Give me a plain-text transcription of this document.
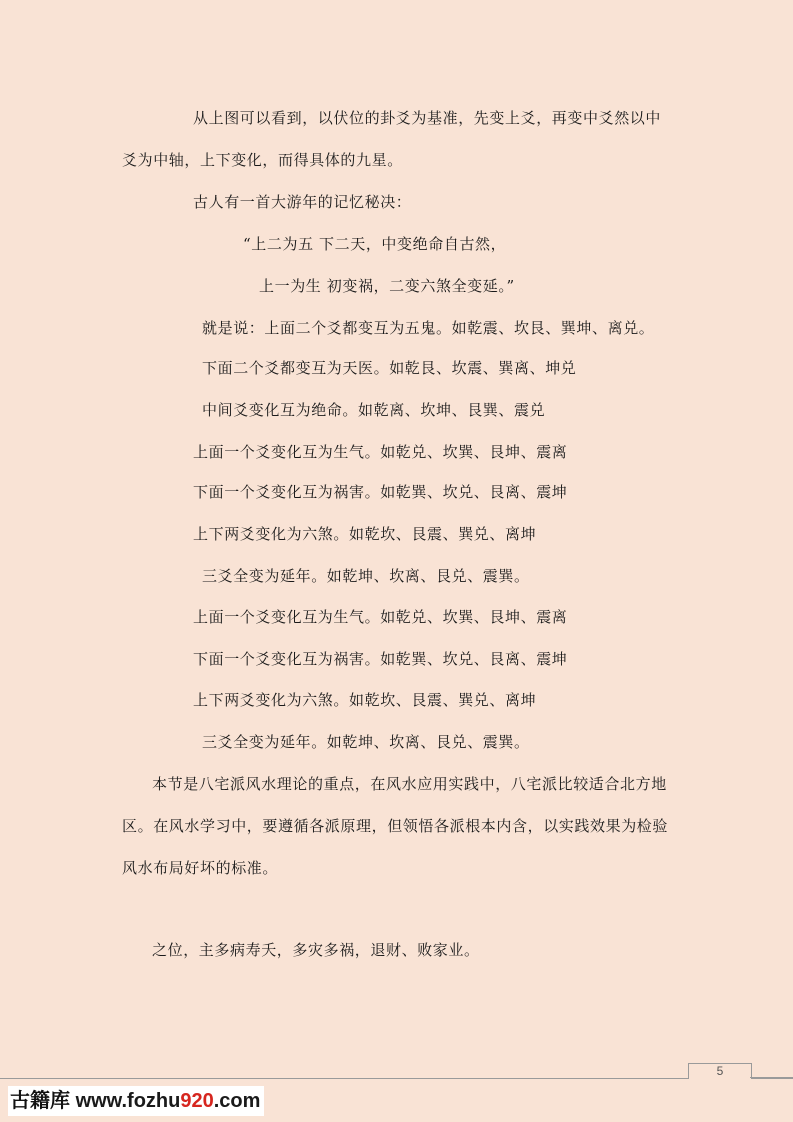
从上图可以看到，以伏位的卦爻为基准，先变上爻，再变中爻然以中
爻为中轴，上下变化，而得具体的九星。
古人有一首大游年的记忆秘决：
“上二为五 下二天，中变绝命自古然，
上一为生 初变祸，二变六煞全变延。”
就是说：上面二个爻都变互为五鬼。如乾震、坎艮、巽坤、离兑。
下面二个爻都变互为天医。如乾艮、坎震、巽离、坤兑
中间爻变化互为绝命。如乾离、坎坤、艮巽、震兑
上面一个爻变化互为生气。如乾兑、坎巽、艮坤、震离
下面一个爻变化互为祸害。如乾巽、坎兑、艮离、震坤
上下两爻变化为六煞。如乾坎、艮震、巽兑、离坤
三爻全变为延年。如乾坤、坎离、艮兑、震巽。
上面一个爻变化互为生气。如乾兑、坎巽、艮坤、震离
下面一个爻变化互为祸害。如乾巽、坎兑、艮离、震坤
上下两爻变化为六煞。如乾坎、艮震、巽兑、离坤
三爻全变为延年。如乾坤、坎离、艮兑、震巽。
本节是八宅派风水理论的重点，在风水应用实践中，八宅派比较适合北方地
区。在风水学习中，要遵循各派原理，但领悟各派根本内含，以实践效果为检验
风水布局好坏的标准。
之位，主多病寿夭，多灾多祸，退财、败家业。
5
古籍库 www.fozhu920.com
